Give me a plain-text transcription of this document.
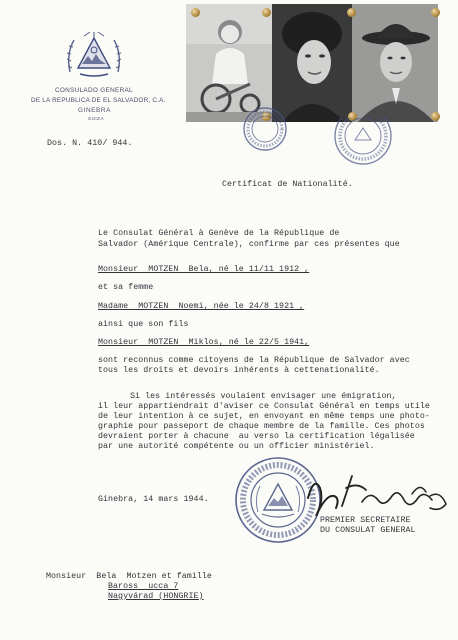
CONSULADO GENERAL
DE LA REPUBLICA DE EL SALVADOR, C.A.
GINEBRA
SUIZA
Dos. N. 410/ 944.
Certificat de Nationalité.
Le Consulat Général à Genève de la République de
Salvador (Amérique Centrale), confirme par ces présentes que
Monsieur  MOTZEN  Bela, né le 11/11 1912 ,
et sa femme
Madame  MOTZEN  Noemi, née le 24/8 1921 ,
ainsi que son fils
Monsieur  MOTZEN  Miklos, né le 22/5 1941,
sont reconnus comme citoyens de la République de Salvador avec
tous les droits et devoirs inhérents à cettenationalité.
Si les intéressés voulaient envisager une émigration,
il leur appartiendrait d'aviser ce Consulat Général en temps utile
de leur intention à ce sujet, en envoyant en même temps une photo-
graphie pour passeport de chaque membre de la famille. Ces photos
devraient porter à chacune  au verso la certification légalisée
par une autorité compétente ou un officier ministériel.
Ginebra, 14 mars 1944.
PREMIER SECRETAIRE
DU CONSULAT GENERAL
Monsieur  Bela  Motzen et famille
Baross  ucca 7
Nagyvárad (HONGRIE)
